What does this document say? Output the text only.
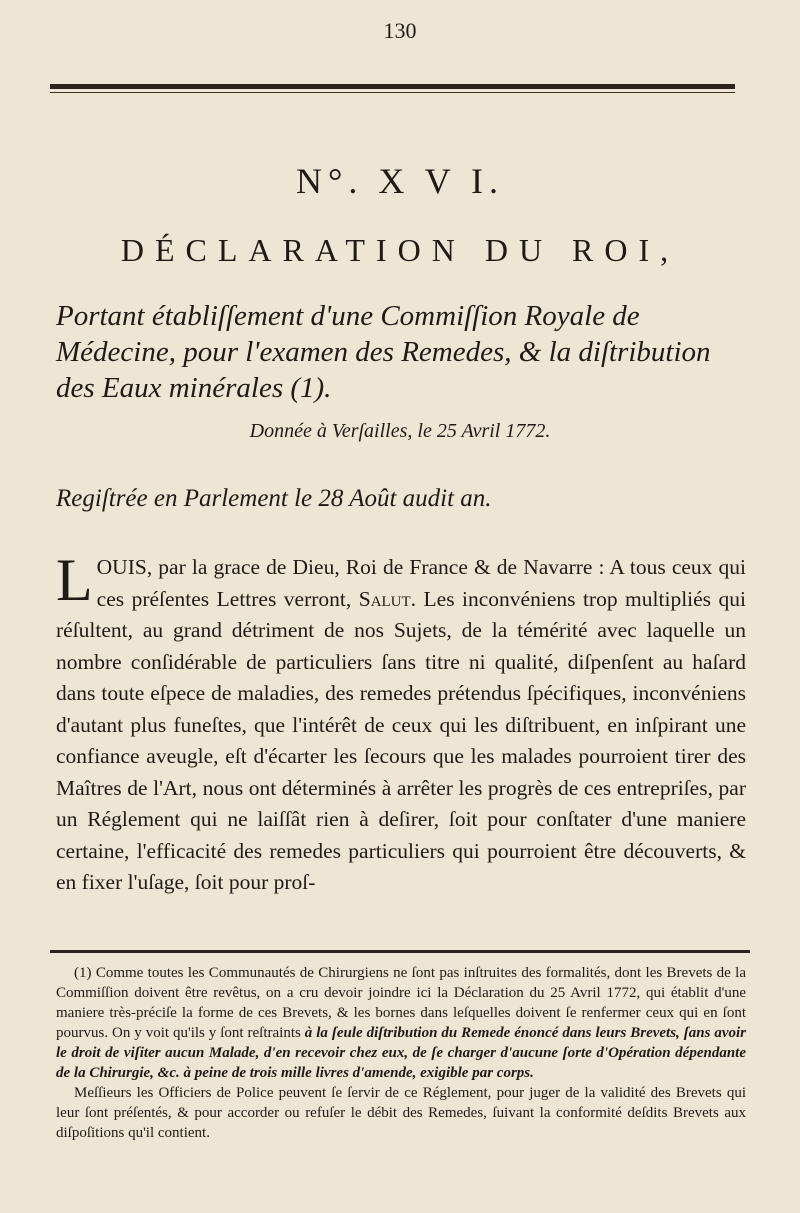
130
N°. X V I.
DÉCLARATION DU ROI,
Portant établiſſement d'une Commiſſion Royale de Médecine, pour l'examen des Remedes, & la diſtribution des Eaux minérales (1).
Donnée à Verſailles, le 25 Avril 1772.
Regiſtrée en Parlement le 28 Août audit an.
LOUIS, par la grace de Dieu, Roi de France & de Navarre : A tous ceux qui ces préſentes Lettres verront, Salut. Les inconvéniens trop multipliés qui réſultent, au grand détriment de nos Sujets, de la témérité avec laquelle un nombre conſidérable de particuliers ſans titre ni qualité, diſpenſent au haſard dans toute eſpece de maladies, des remedes prétendus ſpécifiques, inconvéniens d'autant plus funeſtes, que l'intérêt de ceux qui les diſtribuent, en inſpirant une confiance aveugle, eſt d'écarter les ſecours que les malades pourroient tirer des Maîtres de l'Art, nous ont déterminés à arrêter les progrès de ces entrepriſes, par un Réglement qui ne laiſſât rien à deſirer, ſoit pour conſtater d'une maniere certaine, l'efficacité des remedes particuliers qui pourroient être découverts, & en fixer l'uſage, ſoit pour proſ-

(1) Comme toutes les Communautés de Chirurgiens ne ſont pas inſtruites des formalités, dont les Brevets de la Commiſſion doivent être revêtus, on a cru devoir joindre ici la Déclaration du 25 Avril 1772, qui établit d'une maniere très-préciſe la forme de ces Brevets, & les bornes dans leſquelles doivent ſe renfermer ceux qui en ſont pourvus. On y voit qu'ils y ſont reſtraints à la ſeule diſtribution du Remede énoncé dans leurs Brevets, ſans avoir le droit de viſiter aucun Malade, d'en recevoir chez eux, de ſe charger d'aucune ſorte d'Opération dépendante de la Chirurgie, &c. à peine de trois mille livres d'amende, exigible par corps.

Meſſieurs les Officiers de Police peuvent ſe ſervir de ce Réglement, pour juger de la validité des Brevets qui leur ſont préſentés, & pour accorder ou refuſer le débit des Remedes, ſuivant la conformité deſdits Brevets aux diſpoſitions qu'il contient.
